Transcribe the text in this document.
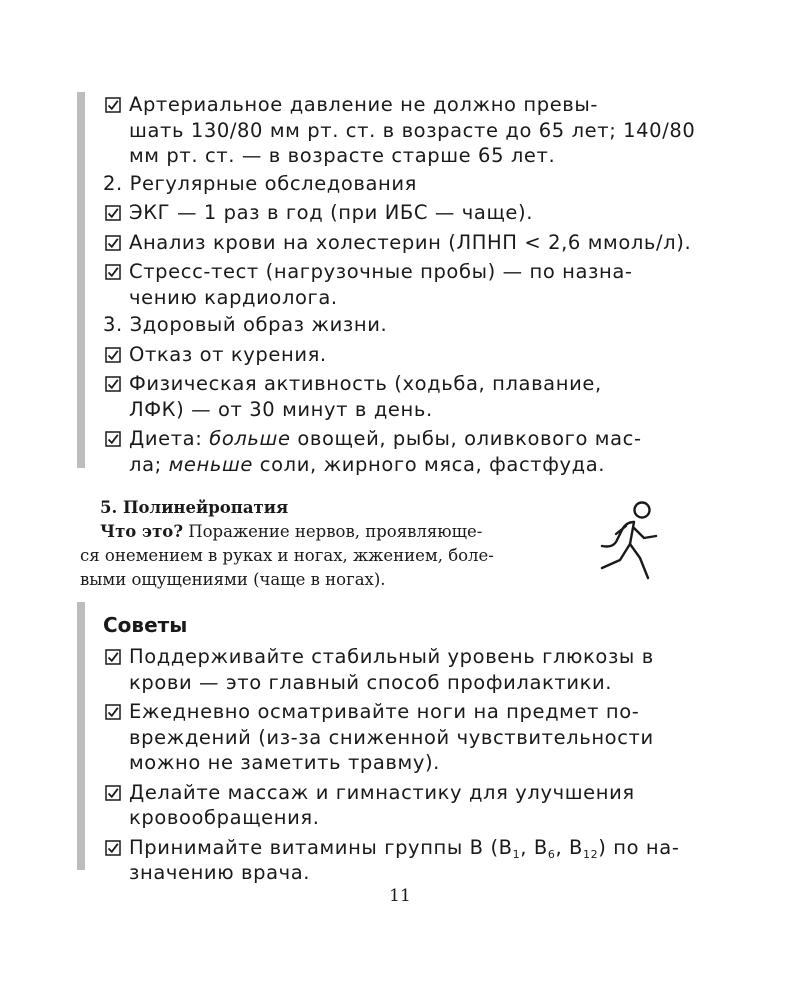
Артериальное давление не должно превы-
шать 130/80 мм рт. ст. в возрасте до 65 лет; 140/80
мм рт. ст. — в возрасте старше 65 лет.
2. Регулярные обследования
ЭКГ — 1 раз в год (при ИБС — чаще).
Анализ крови на холестерин (ЛПНП < 2,6 ммоль/л).
Стресс-тест (нагрузочные пробы) — по назна-
чению кардиолога.
3. Здоровый образ жизни.
Отказ от курения.
Физическая активность (ходьба, плавание,
ЛФК) — от 30 минут в день.
Диета: больше овощей, рыбы, оливкового мас-
ла; меньше соли, жирного мяса, фастфуда.
5. Полинейропатия
Что это? Поражение нервов, проявляюще-
ся онемением в руках и ногах, жжением, боле-
выми ощущениями (чаще в ногах).
Советы
Поддерживайте стабильный уровень глюкозы в
крови — это главный способ профилактики.
Ежедневно осматривайте ноги на предмет по-
вреждений (из-за сниженной чувствительности
можно не заметить травму).
Делайте массаж и гимнастику для улучшения
кровообращения.
Принимайте витамины группы B ($B_1$, $B_6$, $B_{12}$) по на-
значению врача.
11
